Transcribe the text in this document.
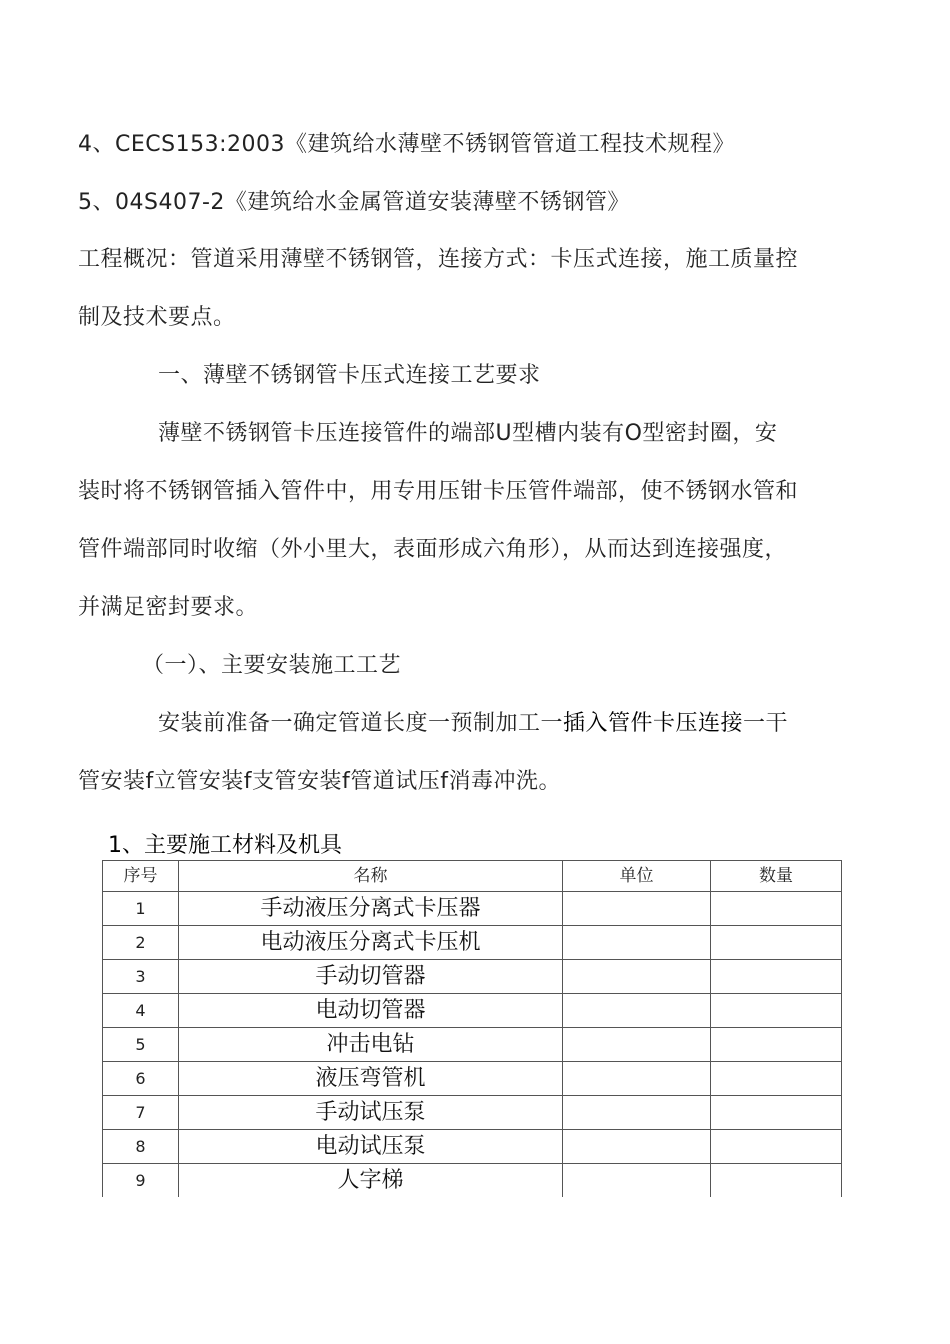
4、CECS153:2003《建筑给水薄壁不锈钢管管道工程技术规程》
5、04S407-2《建筑给水金属管道安装薄壁不锈钢管》
工程概况：管道采用薄壁不锈钢管，连接方式：卡压式连接，施工质量控
制及技术要点。
一、薄壁不锈钢管卡压式连接工艺要求
薄壁不锈钢管卡压连接管件的端部U型槽内装有O型密封圈，安
装时将不锈钢管插入管件中，用专用压钳卡压管件端部，使不锈钢水管和
管件端部同时收缩（外小里大，表面形成六角形），从而达到连接强度，
并满足密封要求。
（一）、主要安装施工工艺
安装前准备一确定管道长度一预制加工一插入管件卡压连接一干
管安装f立管安装f支管安装f管道试压f消毒冲洗。
1、主要施工材料及机具
序号	名称	单位	数量
1	手动液压分离式卡压器		
2	电动液压分离式卡压机		
3	手动切管器		
4	电动切管器		
5	冲击电钻		
6	液压弯管机		
7	手动试压泵		
8	电动试压泵		
9	人字梯		
